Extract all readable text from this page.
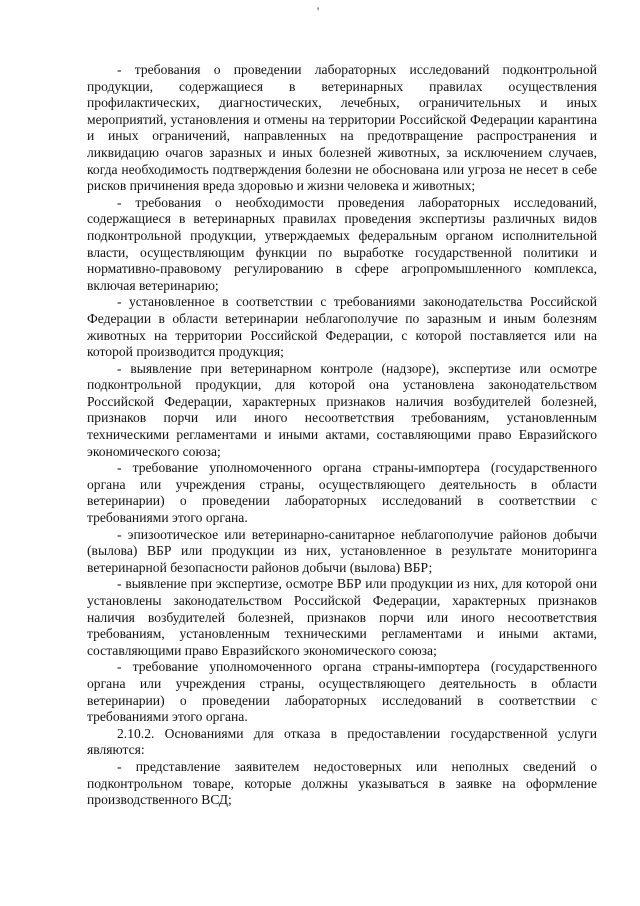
'

- требования о проведении лабораторных исследований подконтрольной продукции, содержащиеся в ветеринарных правилах осуществления профилактических, диагностических, лечебных, ограничительных и иных мероприятий, установления и отмены на территории Российской Федерации карантина и иных ограничений, направленных на предотвращение распространения и ликвидацию очагов заразных и иных болезней животных, за исключением случаев, когда необходимость подтверждения болезни не обоснована или угроза не несет в себе рисков причинения вреда здоровью и жизни человека и животных;

- требования о необходимости проведения лабораторных исследований, содержащиеся в ветеринарных правилах проведения экспертизы различных видов подконтрольной продукции, утверждаемых федеральным органом исполнительной власти, осуществляющим функции по выработке государственной политики и нормативно-правовому регулированию в сфере агропромышленного комплекса, включая ветеринарию;

- установленное в соответствии с требованиями законодательства Российской Федерации в области ветеринарии неблагополучие по заразным и иным болезням животных на территории Российской Федерации, с которой поставляется или на которой производится продукция;

- выявление при ветеринарном контроле (надзоре), экспертизе или осмотре подконтрольной продукции, для которой она установлена законодательством Российской Федерации, характерных признаков наличия возбудителей болезней, признаков порчи или иного несоответствия требованиям, установленным техническими регламентами и иными актами, составляющими право Евразийского экономического союза;

- требование уполномоченного органа страны-импортера (государственного органа или учреждения страны, осуществляющего деятельность в области ветеринарии) о проведении лабораторных исследований в соответствии с требованиями этого органа.

- эпизоотическое или ветеринарно-санитарное неблагополучие районов добычи (вылова) ВБР или продукции из них, установленное в результате мониторинга ветеринарной безопасности районов добычи (вылова) ВБР;

- выявление при экспертизе, осмотре ВБР или продукции из них, для которой они установлены законодательством Российской Федерации, характерных признаков наличия возбудителей болезней, признаков порчи или иного несоответствия требованиям, установленным техническими регламентами и иными актами, составляющими право Евразийского экономического союза;

- требование уполномоченного органа страны-импортера (государственного органа или учреждения страны, осуществляющего деятельность в области ветеринарии) о проведении лабораторных исследований в соответствии с требованиями этого органа.

2.10.2. Основаниями для отказа в предоставлении государственной услуги являются:

- представление заявителем недостоверных или неполных сведений о подконтрольном товаре, которые должны указываться в заявке на оформление производственного ВСД;
